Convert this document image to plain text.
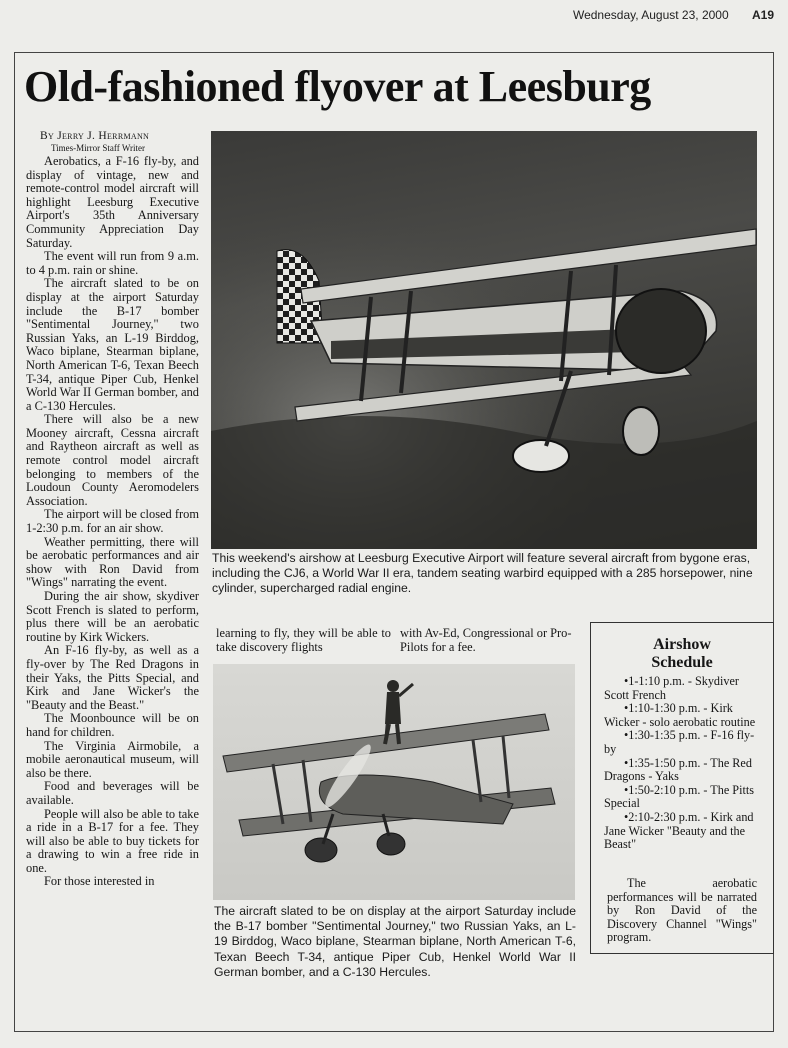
Wednesday, August 23, 2000 A19
Old-fashioned flyover at Leesburg
By Jerry J. Herrmann
Times-Mirror Staff Writer

Aerobatics, a F-16 fly-by, and display of vintage, new and remote-control model aircraft will highlight Leesburg Executive Airport's 35th Anniversary Community Appreciation Day Saturday.

The event will run from 9 a.m. to 4 p.m. rain or shine.

The aircraft slated to be on display at the airport Saturday include the B-17 bomber "Sentimental Journey," two Russian Yaks, an L-19 Birddog, Waco biplane, Stearman biplane, North American T-6, Texan Beech T-34, antique Piper Cub, Henkel World War II German bomber, and a C-130 Hercules.

There will also be a new Mooney aircraft, Cessna aircraft and Raytheon aircraft as well as remote control model aircraft belonging to members of the Loudoun County Aeromodelers Association.

The airport will be closed from 1-2:30 p.m. for an air show.

Weather permitting, there will be aerobatic performances and air show with Ron David from "Wings" narrating the event.

During the air show, skydiver Scott French is slated to perform, plus there will be an aerobatic routine by Kirk Wickers.

An F-16 fly-by, as well as a fly-over by The Red Dragons in their Yaks, the Pitts Special, and Kirk and Jane Wicker's the "Beauty and the Beast."

The Moonbounce will be on hand for children.

The Virginia Airmobile, a mobile aeronautical museum, will also be there.

Food and beverages will be available.

People will also be able to take a ride in a B-17 for a fee. They will also be able to buy tickets for a drawing to win a free ride in one.

For those interested in

This weekend's airshow at Leesburg Executive Airport will feature several aircraft from bygone eras, including the CJ6, a World War II era, tandem seating warbird equipped with a 285 horsepower, nine cylinder, supercharged radial engine.

learning to fly, they will be able to take discovery flights

with Av-Ed, Congressional or Pro-Pilots for a fee.

The aircraft slated to be on display at the airport Saturday include the B-17 bomber "Sentimental Journey," two Russian Yaks, an L-19 Birddog, Waco biplane, Stearman biplane, North American T-6, Texan Beech T-34, antique Piper Cub, Henkel World War II German bomber, and a C-130 Hercules.
Airshow
Schedule
•1-1:10 p.m. - Skydiver Scott French
•1:10-1:30 p.m. - Kirk Wicker - solo aerobatic routine
•1:30-1:35 p.m. - F-16 fly-by
•1:35-1:50 p.m. - The Red Dragons - Yaks
•1:50-2:10 p.m. - The Pitts Special
•2:10-2:30 p.m. - Kirk and Jane Wicker "Beauty and the Beast"
The aerobatic performances will be narrated by Ron David of the Discovery Channel "Wings" program.
